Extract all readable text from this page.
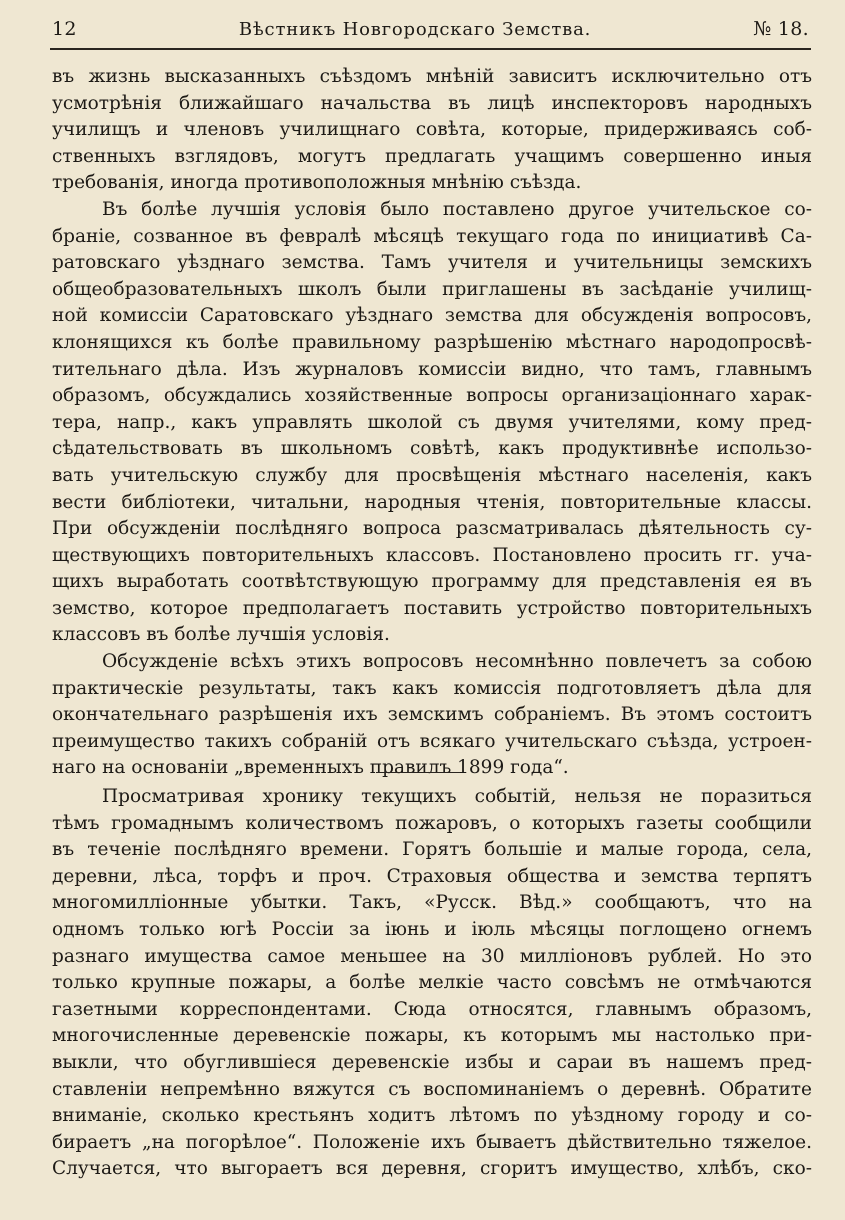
12	Вѣстникъ Новгородскаго Земства.	№ 18.
въ жизнь высказанныхъ съѣздомъ мнѣній зависитъ исключительно отъ
усмотрѣнія ближайшаго начальства въ лицѣ инспекторовъ народныхъ
училищъ и членовъ училищнаго совѣта, которые, придерживаясь соб-
ственныхъ взглядовъ, могутъ предлагать учащимъ совершенно иныя
требованія, иногда противоположныя мнѣнію съѣзда.
Въ болѣе лучшія условія было поставлено другое учительское со-
браніе, созванное въ февралѣ мѣсяцѣ текущаго года по инициативѣ Са-
ратовскаго уѣзднаго земства. Тамъ учителя и учительницы земскихъ
общеобразовательныхъ школъ были приглашены въ засѣданіе училищ-
ной комиссіи Саратовскаго уѣзднаго земства для обсужденія вопросовъ,
клонящихся къ болѣе правильному разрѣшенію мѣстнаго народопросвѣ-
тительнаго дѣла. Изъ журналовъ комиссіи видно, что тамъ, главнымъ
образомъ, обсуждались хозяйственные вопросы организаціоннаго харак-
тера, напр., какъ управлять школой съ двумя учителями, кому пред-
сѣдательствовать въ школьномъ совѣтѣ, какъ продуктивнѣе использо-
вать учительскую службу для просвѣщенія мѣстнаго населенія, какъ
вести библіотеки, читальни, народныя чтенія, повторительные классы.
При обсужденіи послѣдняго вопроса разсматривалась дѣятельность су-
ществующихъ повторительныхъ классовъ. Постановлено просить гг. уча-
щихъ выработать соотвѣтствующую программу для представленія ея въ
земство, которое предполагаетъ поставить устройство повторительныхъ
классовъ въ болѣе лучшія условія.
Обсужденіе всѣхъ этихъ вопросовъ несомнѣнно повлечетъ за собою
практическіе результаты, такъ какъ комиссія подготовляетъ дѣла для
окончательнаго разрѣшенія ихъ земскимъ собраніемъ. Въ этомъ состоитъ
преимущество такихъ собраній отъ всякаго учительскаго съѣзда, устроен-
наго на основаніи „временныхъ правилъ 1899 года“.
Просматривая хронику текущихъ событій, нельзя не поразиться
тѣмъ громаднымъ количествомъ пожаровъ, о которыхъ газеты сообщили
въ теченіе послѣдняго времени. Горятъ большіе и малые города, села,
деревни, лѣса, торфъ и проч. Страховыя общества и земства терпятъ
многомилліонные убытки. Такъ, «Русск. Вѣд.» сообщаютъ, что на
одномъ только югѣ Россіи за іюнь и іюль мѣсяцы поглощено огнемъ
разнаго имущества самое меньшее на 30 милліоновъ рублей. Но это
только крупные пожары, а болѣе мелкіе часто совсѣмъ не отмѣчаются
газетными корреспондентами. Сюда относятся, главнымъ образомъ,
многочисленные деревенскіе пожары, къ которымъ мы настолько при-
выкли, что обуглившіеся деревенскіе избы и сараи въ нашемъ пред-
ставленіи непремѣнно вяжутся съ воспоминаніемъ о деревнѣ. Обратите
вниманіе, сколько крестьянъ ходитъ лѣтомъ по уѣздному городу и со-
бираетъ „на погорѣлое“. Положеніе ихъ бываетъ дѣйствительно тяжелое.
Случается, что выгораетъ вся деревня, сгоритъ имущество, хлѣбъ, ско-
